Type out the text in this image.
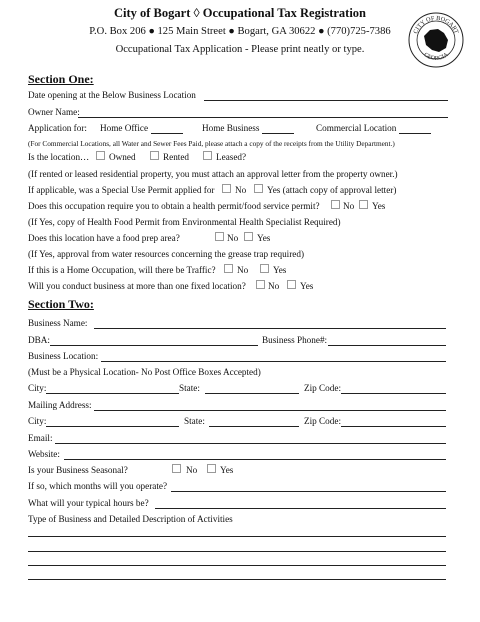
City of Bogart ◊ Occupational Tax Registration
P.O. Box 206 ● 125 Main Street ● Bogart, GA 30622 ● (770)725-7386
Occupational Tax Application - Please print neatly or type.
CITY OF BOGART
GEORGIA
Section One:
Date opening at the Below Business Location
Owner Name:
Application for: Home Office	Home Business	Commercial Location
(For Commercial Locations, all Water and Sewer Fees Paid, please attach a copy of the receipts from the Utility Department.)
Is the location… Owned	Rented	Leased?
(If rented or leased residential property, you must attach an approval letter from the property owner.)
If applicable, was a Special Use Permit applied for No Yes (attach copy of approval letter)
Does this occupation require you to obtain a health permit/food service permit?	No Yes
(If Yes, copy of Health Food Permit from Environmental Health Specialist Required)
Does this location have a food prep area?	No Yes
(If Yes, approval from water resources concerning the grease trap required)
If this is a Home Occupation, will there be Traffic? No	Yes
Will you conduct business at more than one fixed location? No Yes
Section Two:
Business Name:
DBA:	Business Phone#:
Business Location:
(Must be a Physical Location- No Post Office Boxes Accepted)
City:	State:	Zip Code:
Mailing Address:
City:	State:	Zip Code:
Email:
Website:
Is your Business Seasonal?	No Yes
If so, which months will you operate?
What will your typical hours be?
Type of Business and Detailed Description of Activities
